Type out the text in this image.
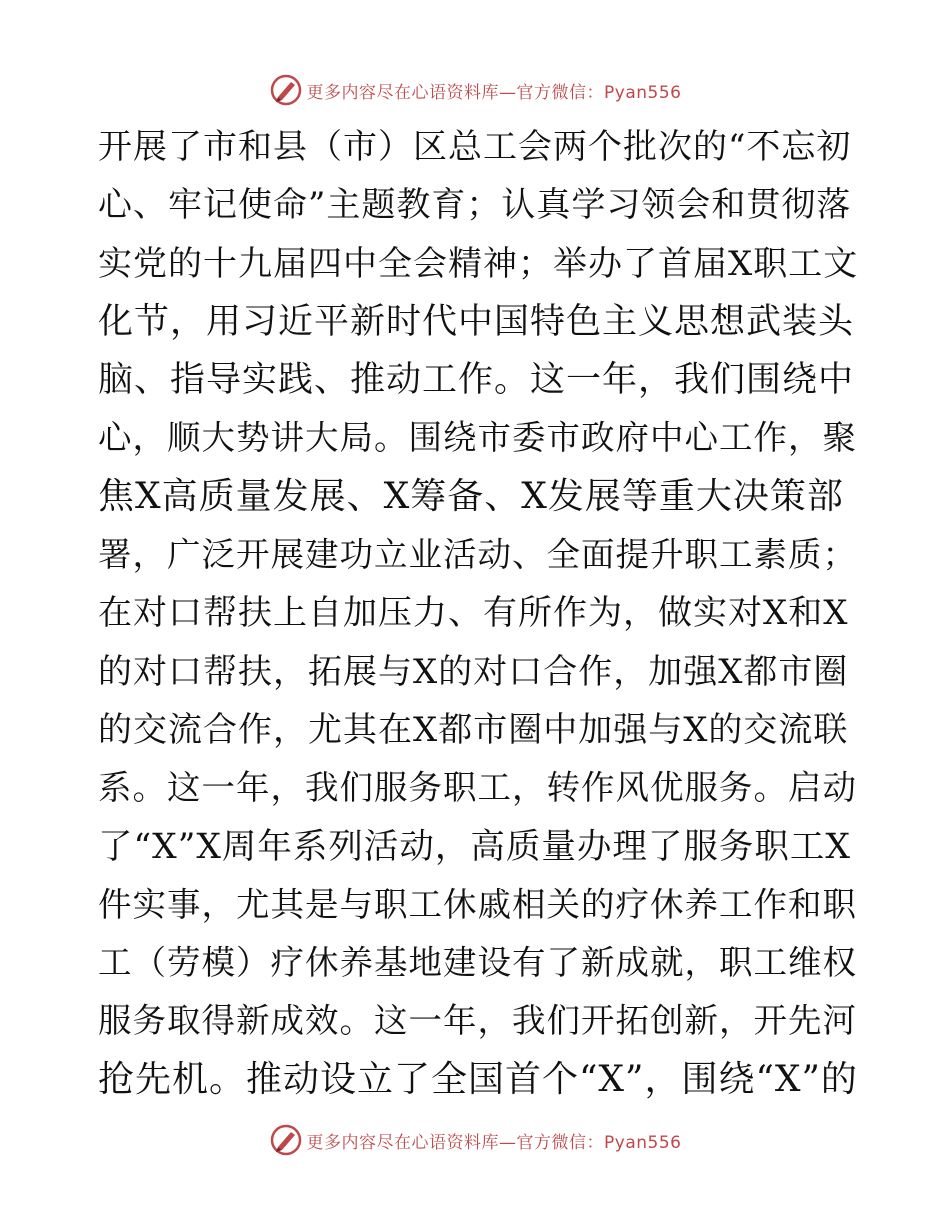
更多内容尽在心语资料库—官方微信：Pyan556
开展了市和县（市）区总工会两个批次的“不忘初
心、牢记使命”主题教育；认真学习领会和贯彻落
实党的十九届四中全会精神；举办了首届X职工文
化节，用习近平新时代中国特色主义思想武装头
脑、指导实践、推动工作。这一年，我们围绕中
心，顺大势讲大局。围绕市委市政府中心工作，聚
焦X高质量发展、X筹备、X发展等重大决策部
署，广泛开展建功立业活动、全面提升职工素质；
在对口帮扶上自加压力、有所作为，做实对X和X
的对口帮扶，拓展与X的对口合作，加强X都市圈
的交流合作，尤其在X都市圈中加强与X的交流联
系。这一年，我们服务职工，转作风优服务。启动
了“X”X周年系列活动，高质量办理了服务职工X
件实事，尤其是与职工休戚相关的疗休养工作和职
工（劳模）疗休养基地建设有了新成就，职工维权
服务取得新成效。这一年，我们开拓创新，开先河
抢先机。推动设立了全国首个“X”，围绕“X”的
更多内容尽在心语资料库—官方微信：Pyan556
